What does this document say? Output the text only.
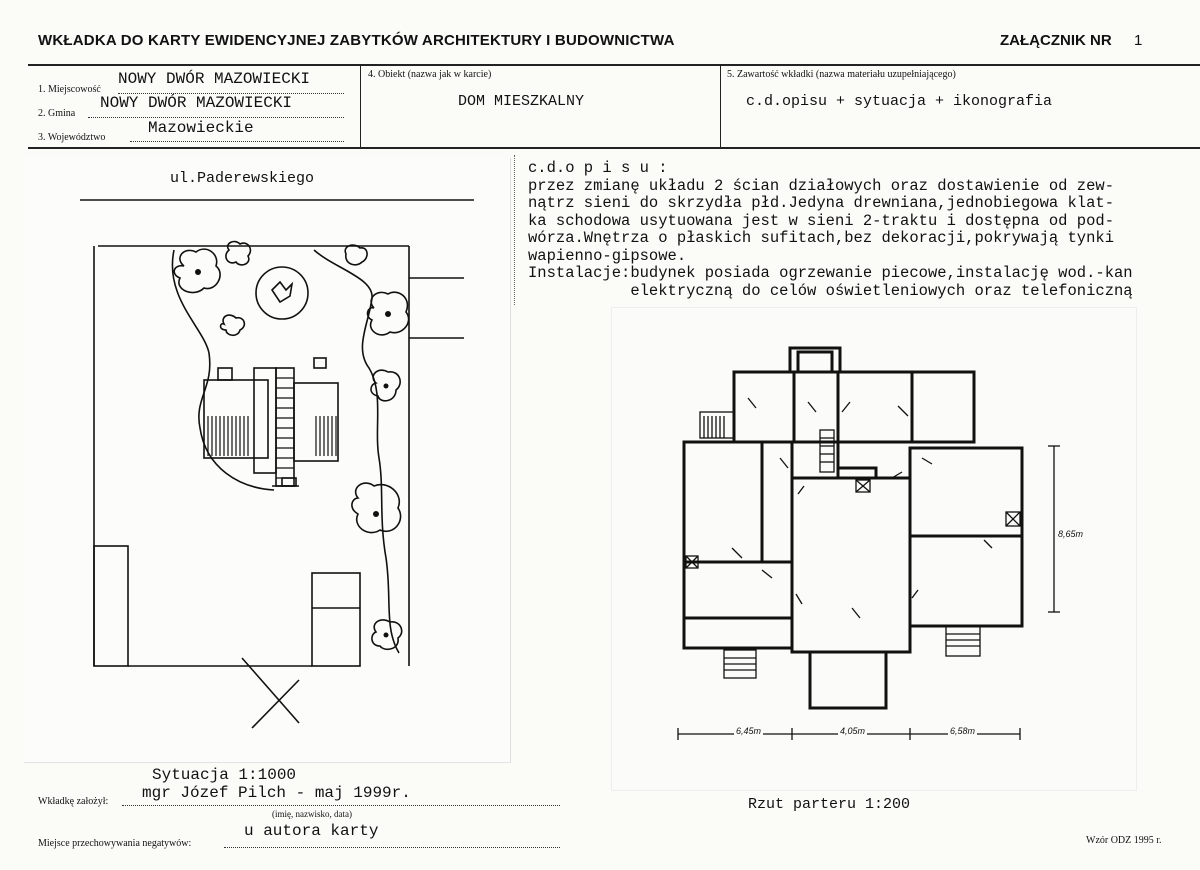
WKŁADKA DO KARTY EWIDENCYJNEJ ZABYTKÓW ARCHITEKTURY I BUDOWNICTWA	ZAŁĄCZNIK NR 1
1. Miejscowość
NOWY DWÓR MAZOWIECKI
2. Gmina
NOWY DWÓR MAZOWIECKI
3. Województwo
Mazowieckie
4. Obiekt (nazwa jak w karcie)
DOM MIESZKALNY
5. Zawartość wkładki (nazwa materiału uzupełniającego)
c.d.opisu + sytuacja + ikonografia
ul.Paderewskiego
Sytuacja 1:1000
c.d.o p i s u :
przez zmianę układu 2 ścian działowych oraz dostawienie od zew-
nątrz sieni do skrzydła płd.Jedyna drewniana,jednobiegowa klat-
ka schodowa usytuowana jest w sieni 2-traktu i dostępna od pod-
wórza.Wnętrza o płaskich sufitach,bez dekoracji,pokrywają tynki
wapienno-gipsowe.
Instalacje:budynek posiada ogrzewanie piecowe,instalację wod.-kan
elektryczną do celów oświetleniowych oraz telefoniczną
8,65m
6,45m	4,05m	6,58m
Rzut parteru 1:200
Wkładkę założył: mgr Józef Pilch - maj 1999r.
(imię, nazwisko, data)
Miejsce przechowywania negatywów:
u autora karty
Wzór ODZ 1995 r.
